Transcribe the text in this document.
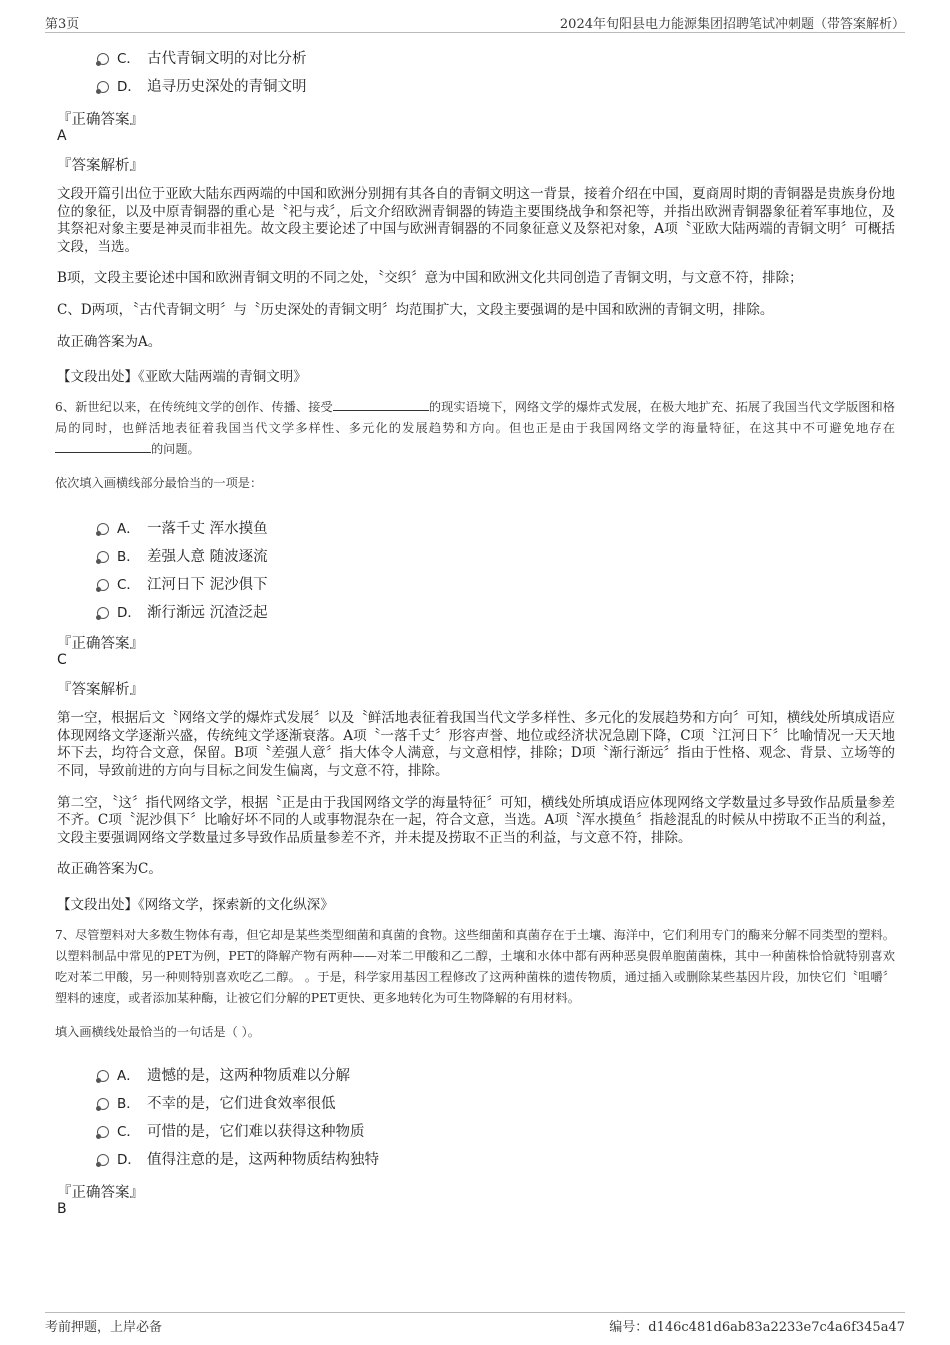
第3页	2024年旬阳县电力能源集团招聘笔试冲刺题（带答案解析）
C． 古代青铜文明的对比分析
D． 追寻历史深处的青铜文明
『正确答案』
A
『答案解析』

文段开篇引出位于亚欧大陆东西两端的中国和欧洲分别拥有其各自的青铜文明这一背景，接着介绍在中国，夏商周时期的青铜器是贵族身份地位的象征，以及中原青铜器的重心是〝祀与戎〞，后文介绍欧洲青铜器的铸造主要围绕战争和祭祀等，并指出欧洲青铜器象征着军事地位，及其祭祀对象主要是神灵而非祖先。故文段主要论述了中国与欧洲青铜器的不同象征意义及祭祀对象，A项〝亚欧大陆两端的青铜文明〞可概括文段，当选。

B项，文段主要论述中国和欧洲青铜文明的不同之处，〝交织〞意为中国和欧洲文化共同创造了青铜文明，与文意不符，排除；

C、D两项，〝古代青铜文明〞与〝历史深处的青铜文明〞均范围扩大，文段主要强调的是中国和欧洲的青铜文明，排除。

故正确答案为A。

【文段出处】《亚欧大陆两端的青铜文明》

6、新世纪以来，在传统纯文学的创作、传播、接受	的现实语境下，网络文学的爆炸式发展，在极大地扩充、拓展了我国当代文学版图和格局的同时，也鲜活地表征着我国当代文学多样性、多元化的发展趋势和方向。但也正是由于我国网络文学的海量特征，在这其中不可避免地存在的问题。

依次填入画横线部分最恰当的一项是：
A． 一落千丈 浑水摸鱼
B． 差强人意 随波逐流
C． 江河日下 泥沙俱下
D． 渐行渐远 沉渣泛起
『正确答案』
C
『答案解析』

第一空，根据后文〝网络文学的爆炸式发展〞以及〝鲜活地表征着我国当代文学多样性、多元化的发展趋势和方向〞可知，横线处所填成语应体现网络文学逐渐兴盛，传统纯文学逐渐衰落。A项〝一落千丈〞形容声誉、地位或经济状况急剧下降，C项〝江河日下〞比喻情况一天天地坏下去，均符合文意，保留。B项〝差强人意〞指大体令人满意，与文意相悖，排除；D项〝渐行渐远〞指由于性格、观念、背景、立场等的不同，导致前进的方向与目标之间发生偏离，与文意不符，排除。

第二空，〝这〞指代网络文学，根据〝正是由于我国网络文学的海量特征〞可知，横线处所填成语应体现网络文学数量过多导致作品质量参差不齐。C项〝泥沙俱下〞比喻好坏不同的人或事物混杂在一起，符合文意，当选。A项〝浑水摸鱼〞指趁混乱的时候从中捞取不正当的利益，文段主要强调网络文学数量过多导致作品质量参差不齐，并未提及捞取不正当的利益，与文意不符，排除。

故正确答案为C。

【文段出处】《网络文学，探索新的文化纵深》

7、尽管塑料对大多数生物体有毒，但它却是某些类型细菌和真菌的食物。这些细菌和真菌存在于土壤、海洋中，它们利用专门的酶来分解不同类型的塑料。以塑料制品中常见的PET为例，PET的降解产物有两种——对苯二甲酸和乙二醇，土壤和水体中都有两种恶臭假单胞菌菌株，其中一种菌株恰恰就特别喜欢吃对苯二甲酸，另一种则特别喜欢吃乙二醇。 。于是，科学家用基因工程修改了这两种菌株的遗传物质，通过插入或删除某些基因片段，加快它们〝咀嚼〞塑料的速度，或者添加某种酶，让被它们分解的PET更快、更多地转化为可生物降解的有用材料。

填入画横线处最恰当的一句话是（ ）。
A． 遗憾的是，这两种物质难以分解
B． 不幸的是，它们进食效率很低
C． 可惜的是，它们难以获得这种物质
D． 值得注意的是，这两种物质结构独特
『正确答案』
B
考前押题，上岸必备	编号：d146c481d6ab83a2233e7c4a6f345a47
